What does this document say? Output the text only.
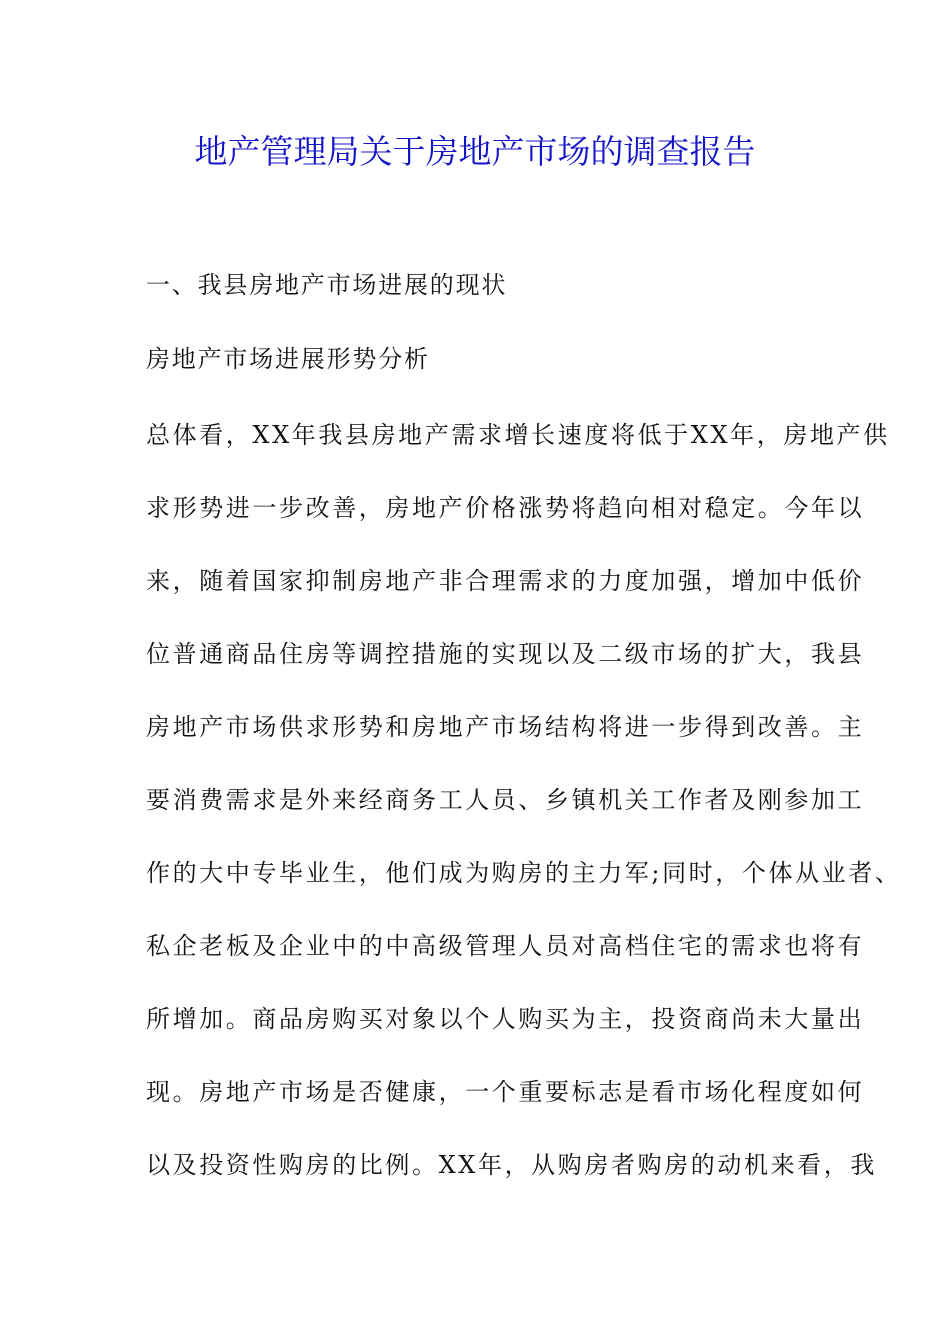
地产管理局关于房地产市场的调查报告
一、我县房地产市场进展的现状
房地产市场进展形势分析
总体看，XX年我县房地产需求增长速度将低于XX年，房地产供
求形势进一步改善，房地产价格涨势将趋向相对稳定。今年以
来，随着国家抑制房地产非合理需求的力度加强，增加中低价
位普通商品住房等调控措施的实现以及二级市场的扩大，我县
房地产市场供求形势和房地产市场结构将进一步得到改善。主
要消费需求是外来经商务工人员、乡镇机关工作者及刚参加工
作的大中专毕业生，他们成为购房的主力军;同时，个体从业者、
私企老板及企业中的中高级管理人员对高档住宅的需求也将有
所增加。商品房购买对象以个人购买为主，投资商尚未大量出
现。房地产市场是否健康，一个重要标志是看市场化程度如何
以及投资性购房的比例。XX年，从购房者购房的动机来看，我
